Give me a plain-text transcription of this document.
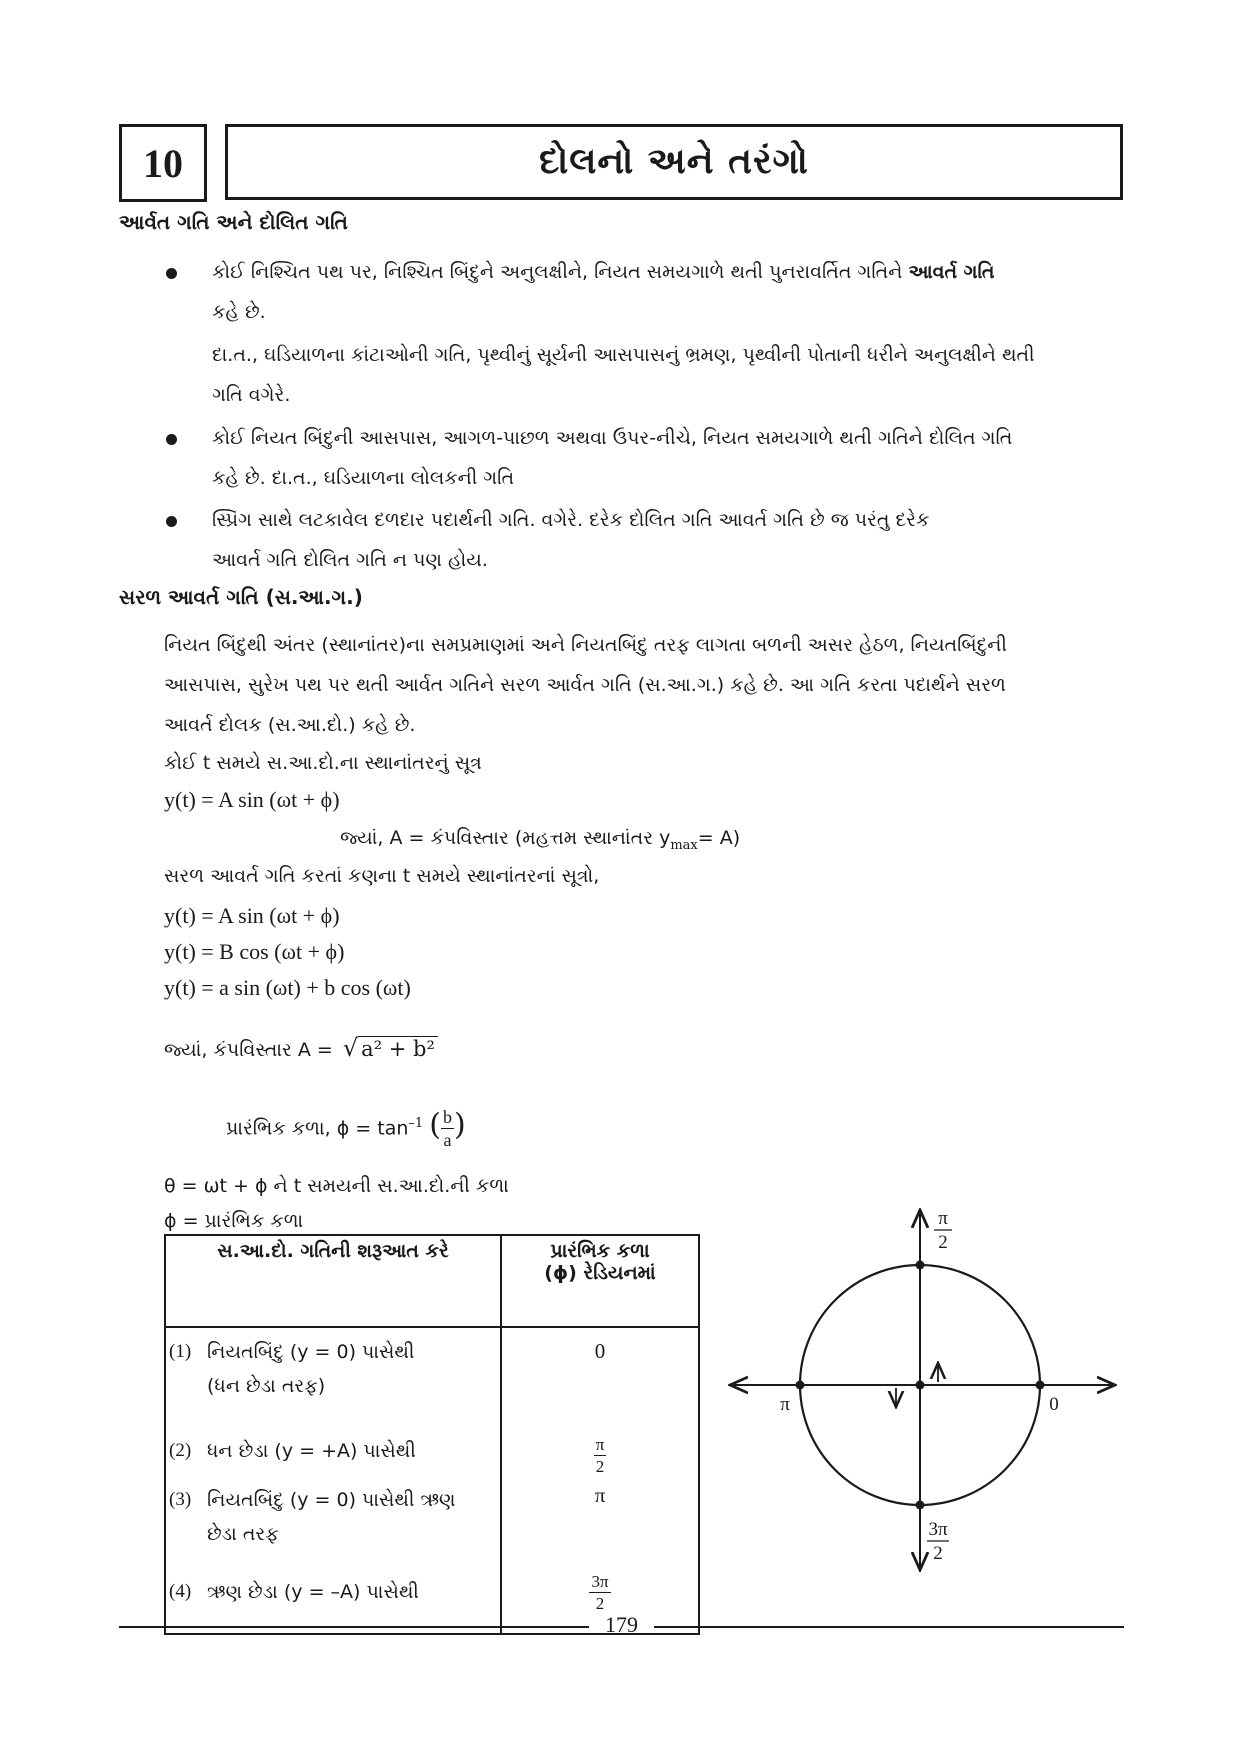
10	દોલનો અને તરંગો
આર્વત ગતિ અને દોલિત ગતિ
કોઈ નિશ્ચિત પથ પર, નિશ્ચિત બિંદુને અનુલક્ષીને, નિયત સમયગાળે થતી પુનરાવર્તિત ગતિને આવર્ત ગતિ
કહે છે.
દા.ત., ઘડિયાળના કાંટાઓની ગતિ, પૃથ્વીનું સૂર્યની આસપાસનું ભ્રમણ, પૃથ્વીની પોતાની ધરીને અનુલક્ષીને થતી
ગતિ વગેરે.
કોઈ નિયત બિંદુની આસપાસ, આગળ-પાછળ અથવા ઉપર-નીચે, નિયત સમયગાળે થતી ગતિને દોલિત ગતિ
કહે છે. દા.ત., ઘડિયાળના લોલકની ગતિ
સ્પ્રિંગ સાથે લટકાવેલ દળદાર પદાર્થની ગતિ. વગેરે. દરેક દોલિત ગતિ આવર્ત ગતિ છે જ પરંતુ દરેક
આવર્ત ગતિ દોલિત ગતિ ન પણ હોય.
સરળ આવર્ત ગતિ (સ.આ.ગ.)
નિયત બિંદુથી અંતર (સ્થાનાંતર)ના સમપ્રમાણમાં અને નિયતબિંદુ તરફ લાગતા બળની અસર હેઠળ, નિયતબિંદુની
આસપાસ, સુરેખ પથ પર થતી આર્વત ગતિને સરળ આર્વત ગતિ (સ.આ.ગ.) કહે છે. આ ગતિ કરતા પદાર્થને સરળ
આવર્ત દોલક (સ.આ.દો.) કહે છે.
કોઈ t સમયે સ.આ.દો.ના સ્થાનાંતરનું સૂત્ર
y(t) = A sin (ωt + ϕ)
જ્યાં, A = કંપવિસ્તાર (મહત્તમ સ્થાનાંતર $y_{max}= A$)
સરળ આવર્ત ગતિ કરતાં કણના t સમયે સ્થાનાંતરનાં સૂત્રો,
y(t) = A sin (ωt + ϕ)
y(t) = B cos (ωt + ϕ)
y(t) = a sin (ωt) + b cos (ωt)
જ્યાં, કંપવિસ્તાર A = √ a² + b²
પ્રારંભિક કળા, $\phi = \tan^{-1}$ ( $\frac{b}{a}$ )
θ = ωt + ϕ ને t સમયની સ.આ.દો.ની કળા
ϕ = પ્રારંભિક કળા
સ.આ.દો. ગતિની શરૂઆત કરે	પ્રારંભિક કળા
(ϕ) રેડિયનમાં

(1) નિયતબિંદુ (y = 0) પાસેથી
(ધન છેડા તરફ)	0

(2) ધન છેડા (y = +A) પાસેથી	$\frac{\pi}{2}$

(3) નિયતબિંદુ (y = 0) પાસેથી ઋણ
છેડા તરફ	π

(4) ઋણ છેડા (y = –A) પાસેથી	$\frac{3\pi}{2}$
π
2
π	0
3π
2
179
